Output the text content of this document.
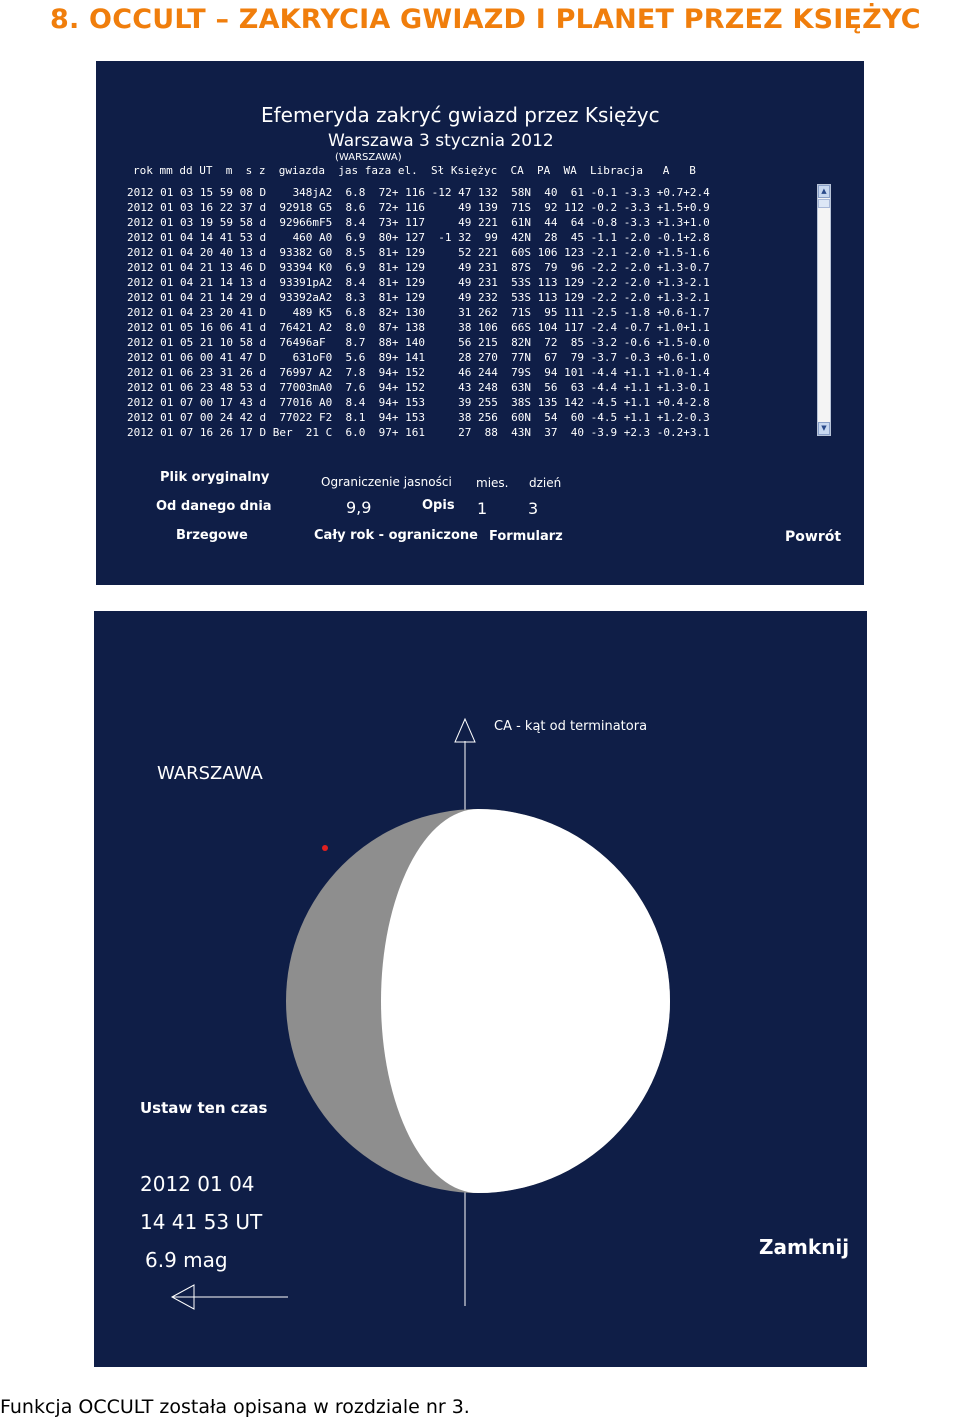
8. OCCULT – ZAKRYCIA GWIAZD I PLANET PRZEZ KSIĘŻYC
Efemeryda zakryć gwiazd przez Księżyc
Warszawa 3 stycznia 2012
(WARSZAWA)
rok mm dd UT  m  s z  gwiazda  jas faza el.  Sł Księżyc  CA  PA  WA  Libracja   A   B
2012 01 03 15 59 08 D    348jA2  6.8  72+ 116 -12 47 132  58N  40  61 -0.1 -3.3 +0.7+2.4
2012 01 03 16 22 37 d  92918 G5  8.6  72+ 116     49 139  71S  92 112 -0.2 -3.3 +1.5+0.9
2012 01 03 19 59 58 d  92966mF5  8.4  73+ 117     49 221  61N  44  64 -0.8 -3.3 +1.3+1.0
2012 01 04 14 41 53 d    460 A0  6.9  80+ 127  -1 32  99  42N  28  45 -1.1 -2.0 -0.1+2.8
2012 01 04 20 40 13 d  93382 G0  8.5  81+ 129     52 221  60S 106 123 -2.1 -2.0 +1.5-1.6
2012 01 04 21 13 46 D  93394 K0  6.9  81+ 129     49 231  87S  79  96 -2.2 -2.0 +1.3-0.7
2012 01 04 21 14 13 d  93391pA2  8.4  81+ 129     49 231  53S 113 129 -2.2 -2.0 +1.3-2.1
2012 01 04 21 14 29 d  93392aA2  8.3  81+ 129     49 232  53S 113 129 -2.2 -2.0 +1.3-2.1
2012 01 04 23 20 41 D    489 K5  6.8  82+ 130     31 262  71S  95 111 -2.5 -1.8 +0.6-1.7
2012 01 05 16 06 41 d  76421 A2  8.0  87+ 138     38 106  66S 104 117 -2.4 -0.7 +1.0+1.1
2012 01 05 21 10 58 d  76496aF   8.7  88+ 140     56 215  82N  72  85 -3.2 -0.6 +1.5-0.0
2012 01 06 00 41 47 D    631oF0  5.6  89+ 141     28 270  77N  67  79 -3.7 -0.3 +0.6-1.0
2012 01 06 23 31 26 d  76997 A2  7.8  94+ 152     46 244  79S  94 101 -4.4 +1.1 +1.0-1.4
2012 01 06 23 48 53 d  77003mA0  7.6  94+ 152     43 248  63N  56  63 -4.4 +1.1 +1.3-0.1
2012 01 07 00 17 43 d  77016 A0  8.4  94+ 153     39 255  38S 135 142 -4.5 +1.1 +0.4-2.8
2012 01 07 00 24 42 d  77022 F2  8.1  94+ 153     38 256  60N  54  60 -4.5 +1.1 +1.2-0.3
2012 01 07 16 26 17 D Ber  21 C  6.0  97+ 161     27  88  43N  37  40 -3.9 +2.3 -0.2+3.1
▲
▼
Plik oryginalny
Od danego dnia
Brzegowe
Ograniczenie jasności
9,9	Opis
Cały rok - ograniczone
mies.
1
dzień
3
Formularz	Powrót
CA - kąt od terminatora
WARSZAWA
Ustaw ten czas
2012 01 04
14 41 53 UT
6.9 mag
Zamknij
Funkcja OCCULT została opisana w rozdziale nr 3.
